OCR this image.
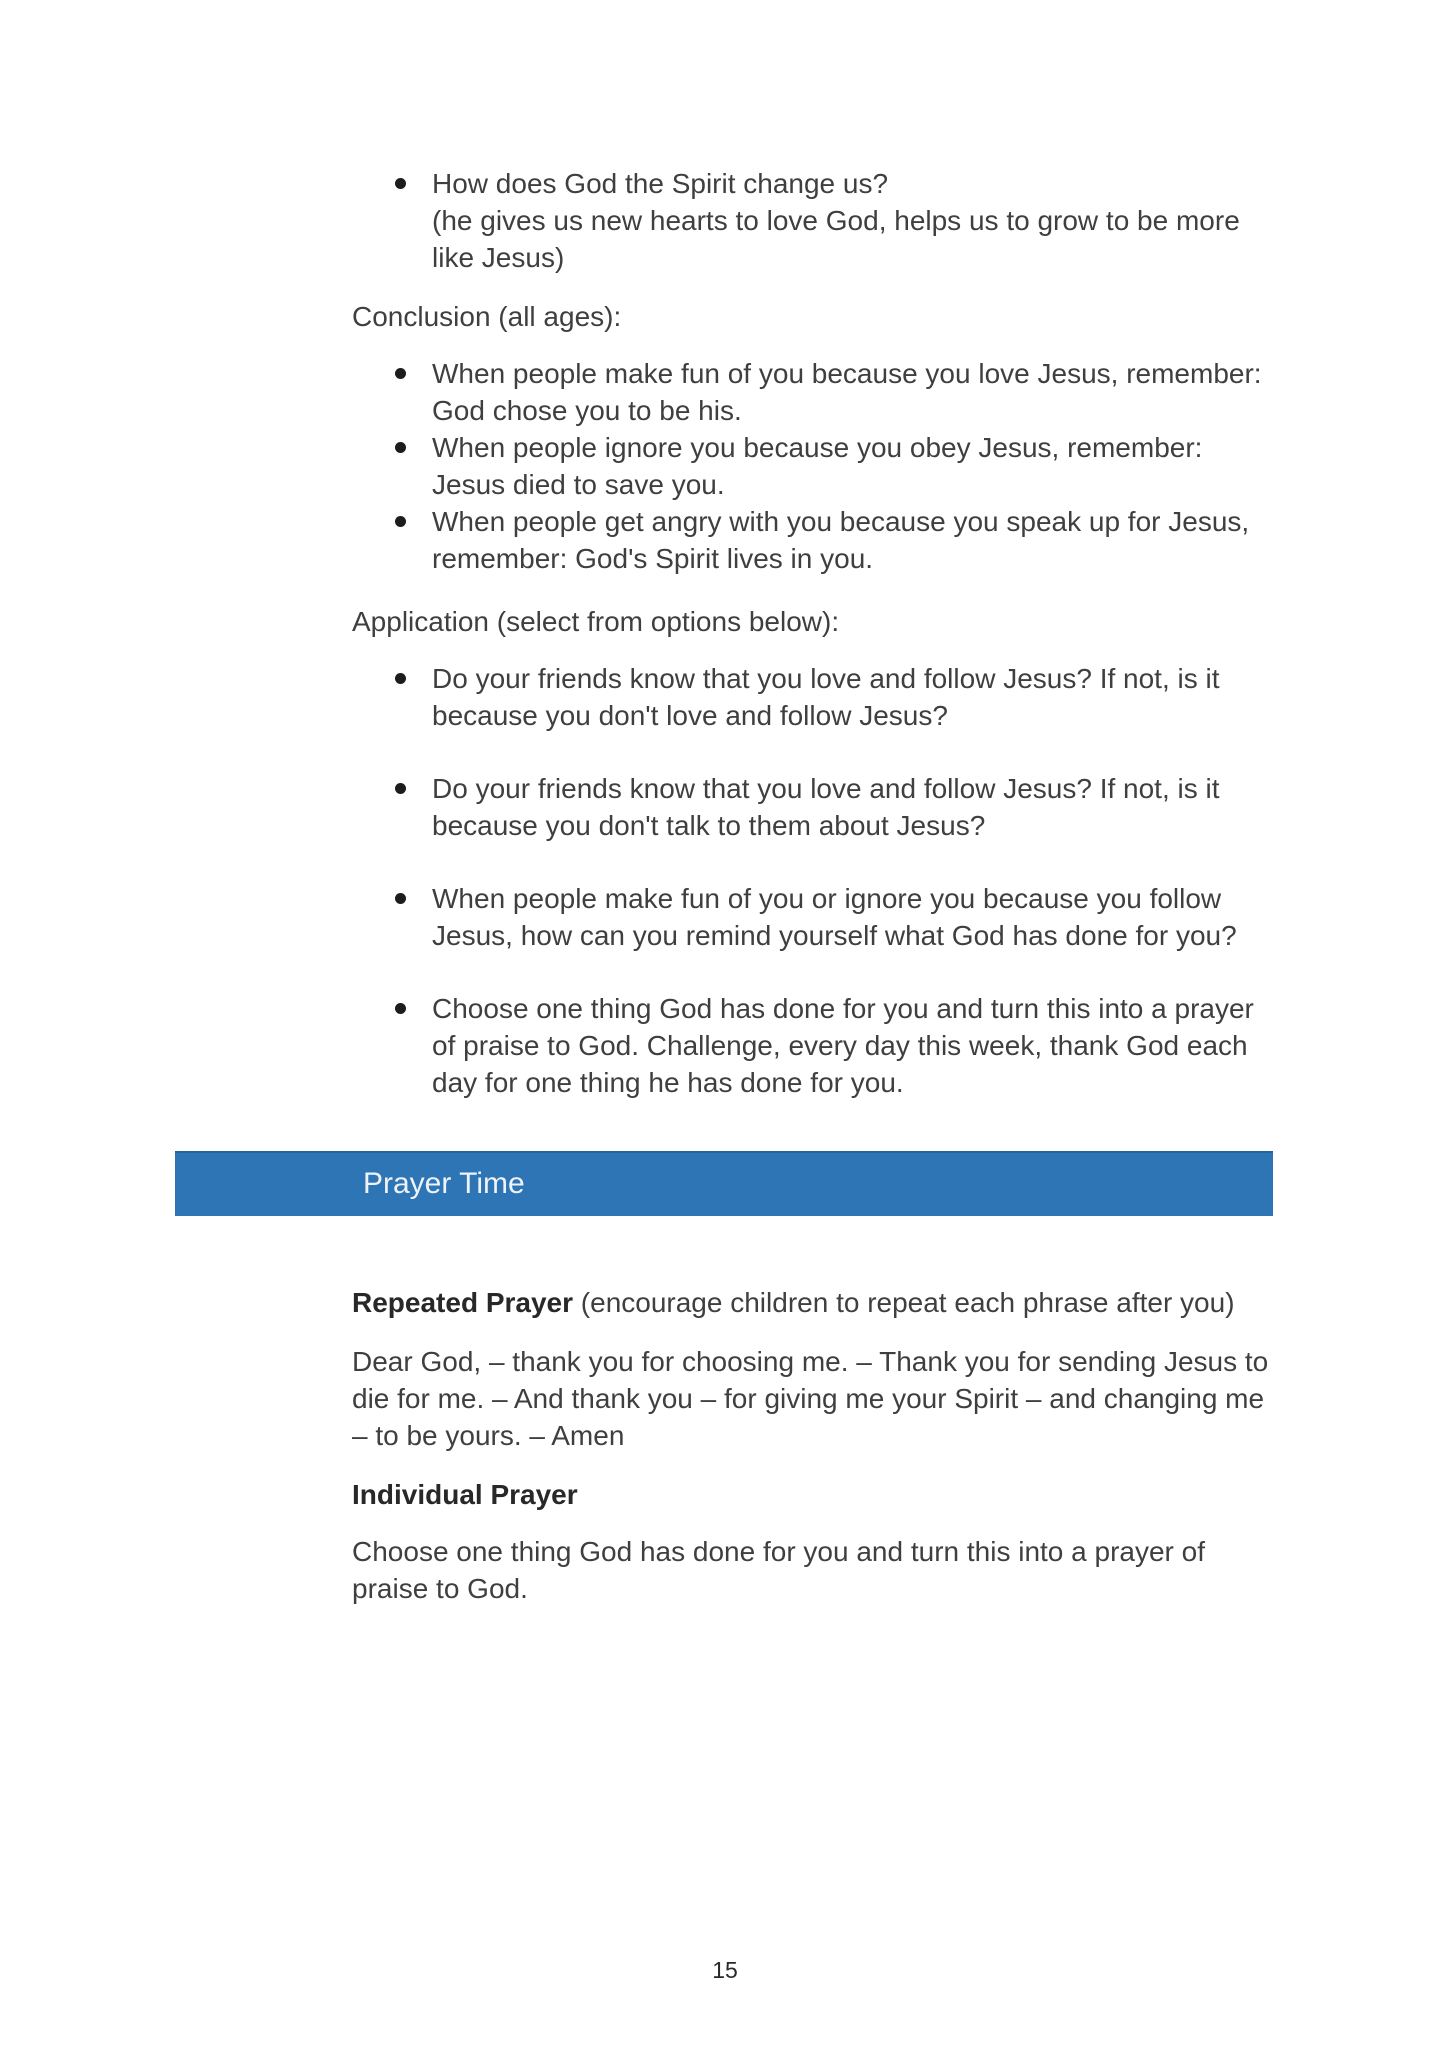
How does God the Spirit change us?
(he gives us new hearts to love God, helps us to grow to be more
like Jesus)
Conclusion (all ages):
When people make fun of you because you love Jesus, remember:
God chose you to be his.
When people ignore you because you obey Jesus, remember:
Jesus died to save you.
When people get angry with you because you speak up for Jesus,
remember: God's Spirit lives in you.
Application (select from options below):
Do your friends know that you love and follow Jesus? If not, is it
because you don't love and follow Jesus?
Do your friends know that you love and follow Jesus? If not, is it
because you don't talk to them about Jesus?
When people make fun of you or ignore you because you follow
Jesus, how can you remind yourself what God has done for you?
Choose one thing God has done for you and turn this into a prayer
of praise to God. Challenge, every day this week, thank God each
day for one thing he has done for you.
Prayer Time
Repeated Prayer (encourage children to repeat each phrase after you)
Dear God, – thank you for choosing me. – Thank you for sending Jesus to
die for me. – And thank you – for giving me your Spirit – and changing me
– to be yours. – Amen
Individual Prayer
Choose one thing God has done for you and turn this into a prayer of
praise to God.
15
